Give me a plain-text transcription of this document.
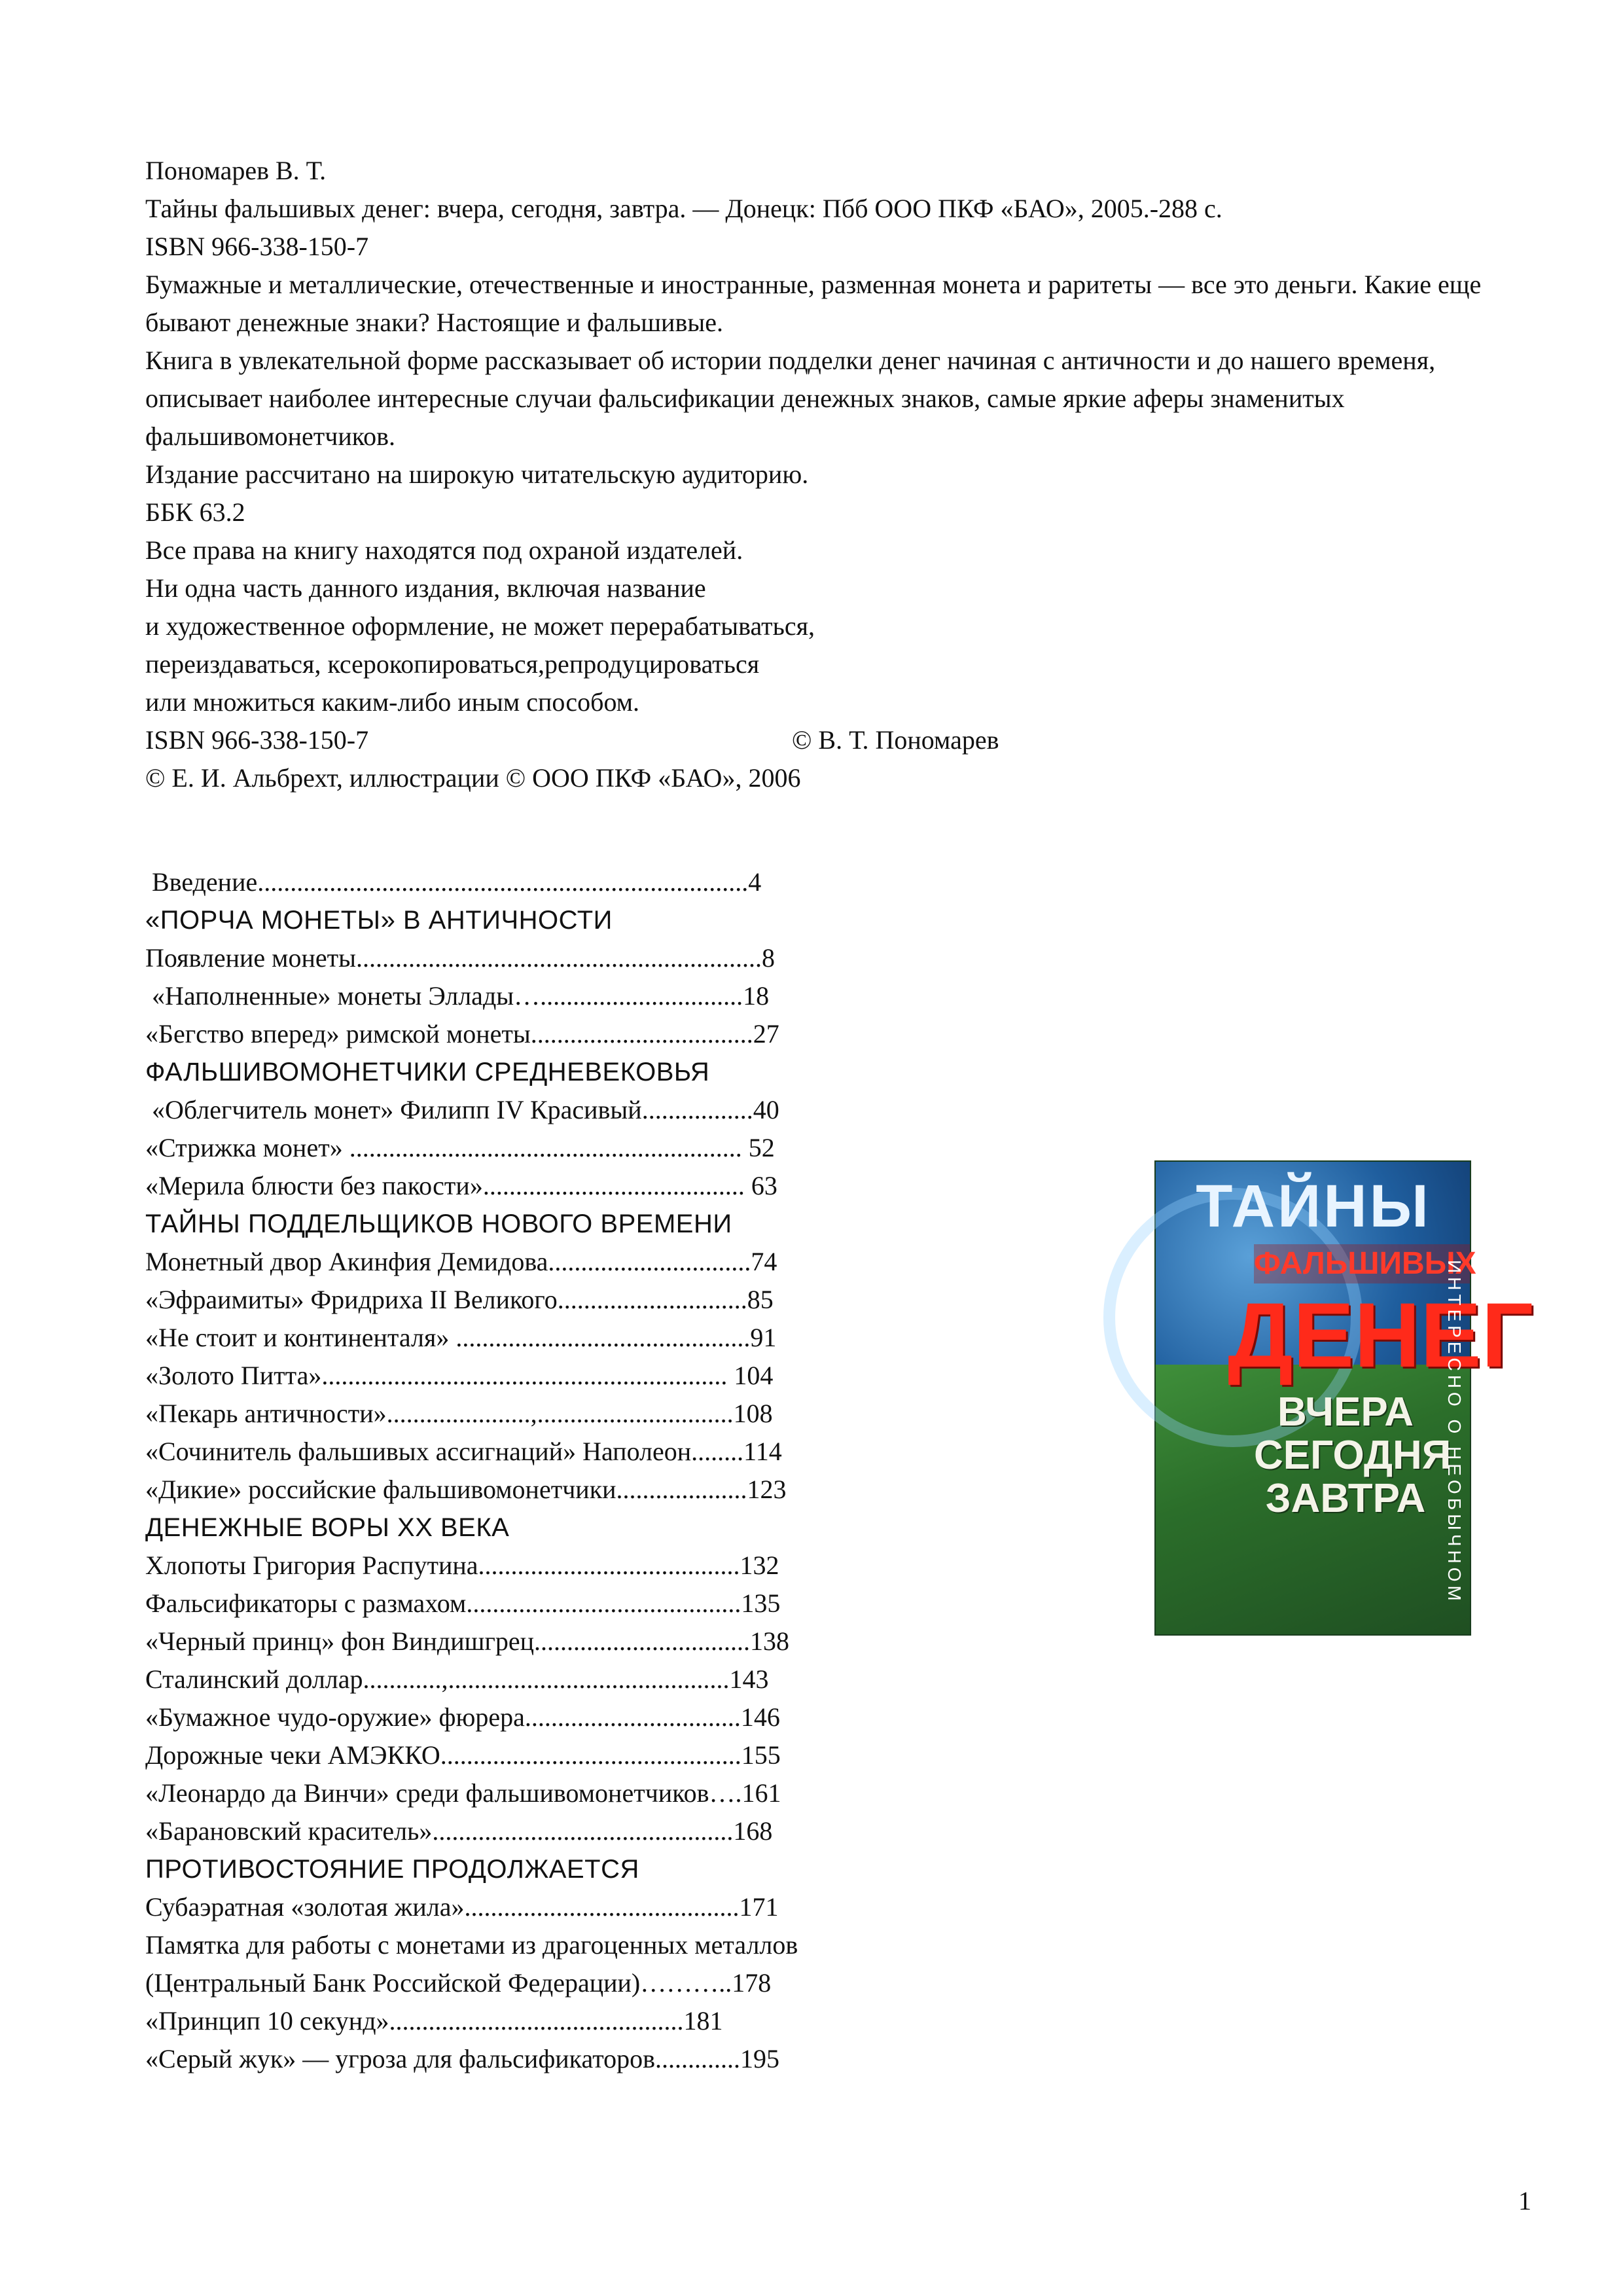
Пономарев В. Т.
Тайны фальшивых денег: вчера, сегодня, завтра. — Донецк: Пбб ООО ПКФ «БАО», 2005.-288 с.
ISBN 966-338-150-7
Бумажные и металлические, отечественные и иностранные, разменная монета и раритеты — все это деньги. Какие еще бывают денежные знаки? Настоящие и фальшивые.
Книга в увлекательной форме рассказывает об истории подделки денег начиная с античности и до нашего временя, описывает наиболее интересные случаи фальсификации денежных знаков, самые яркие аферы знаменитых фальшивомонетчиков.
Издание рассчитано на широкую читательскую аудиторию.
ББК 63.2
Все права на книгу находятся под охраной издателей.
Ни одна часть данного издания, включая название
и художественное оформление, не может перерабатываться,
переиздаваться, ксерокопироваться,репродуцироваться
или множиться каким-либо иным способом.
ISBN 966-338-150-7	© В. Т. Пономарев
© Е. И. Альбрехт, иллюстрации © ООО ПКФ «БАО», 2006
Введение...........................................................................4
«ПОРЧА МОНЕТЫ» В АНТИЧНОСТИ
Появление монеты..............................................................8
«Наполненные» монеты Эллады…...............................18
«Бегство вперед» римской монеты..................................27
ФАЛЬШИВОМОНЕТЧИКИ СРЕДНЕВЕКОВЬЯ
«Облегчитель монет» Филипп IV Красивый.................40
«Стрижка монет» ............................................................ 52
«Мерила блюсти без пакости»........................................ 63
ТАЙНЫ ПОДДЕЛЬЩИКОВ НОВОГО ВРЕМЕНИ
Монетный двор Акинфия Демидова...............................74
«Эфраимиты» Фридриха II Великого.............................85
«Не стоит и континенталя» .............................................91
«Золото Питта».............................................................. 104
«Пекарь античности»......................,..............................108
«Сочинитель фальшивых ассигнаций» Наполеон........114
«Дикие» российские фальшивомонетчики....................123
ДЕНЕЖНЫЕ ВОРЫ XX ВЕКА
Хлопоты Григория Распутина........................................132
Фальсификаторы с размахом..........................................135
«Черный принц» фон Виндишгрец.................................138
Сталинский доллар............,...........................................143
«Бумажное чудо-оружие» фюрера.................................146
Дорожные чеки АМЭККО..............................................155
«Леонардо да Винчи» среди фальшивомонетчиков….161
«Барановский краситель»..............................................168
ПРОТИВОСТОЯНИЕ ПРОДОЛЖАЕТСЯ
Субаэратная «золотая жила»..........................................171
Памятка для работы с монетами из драгоценных металлов
(Центральный Банк Российской Федерации)………..178
«Принцип 10 секунд».............................................181
«Серый жук» — угроза для фальсификаторов.............195
ТАЙНЫ
ФАЛЬШИВЫХ
ДЕНЕГ
ВЧЕРА
СЕГОДНЯ
ЗАВТРА	ИНТЕРЕСНО О НЕОБЫЧНОМ
1
